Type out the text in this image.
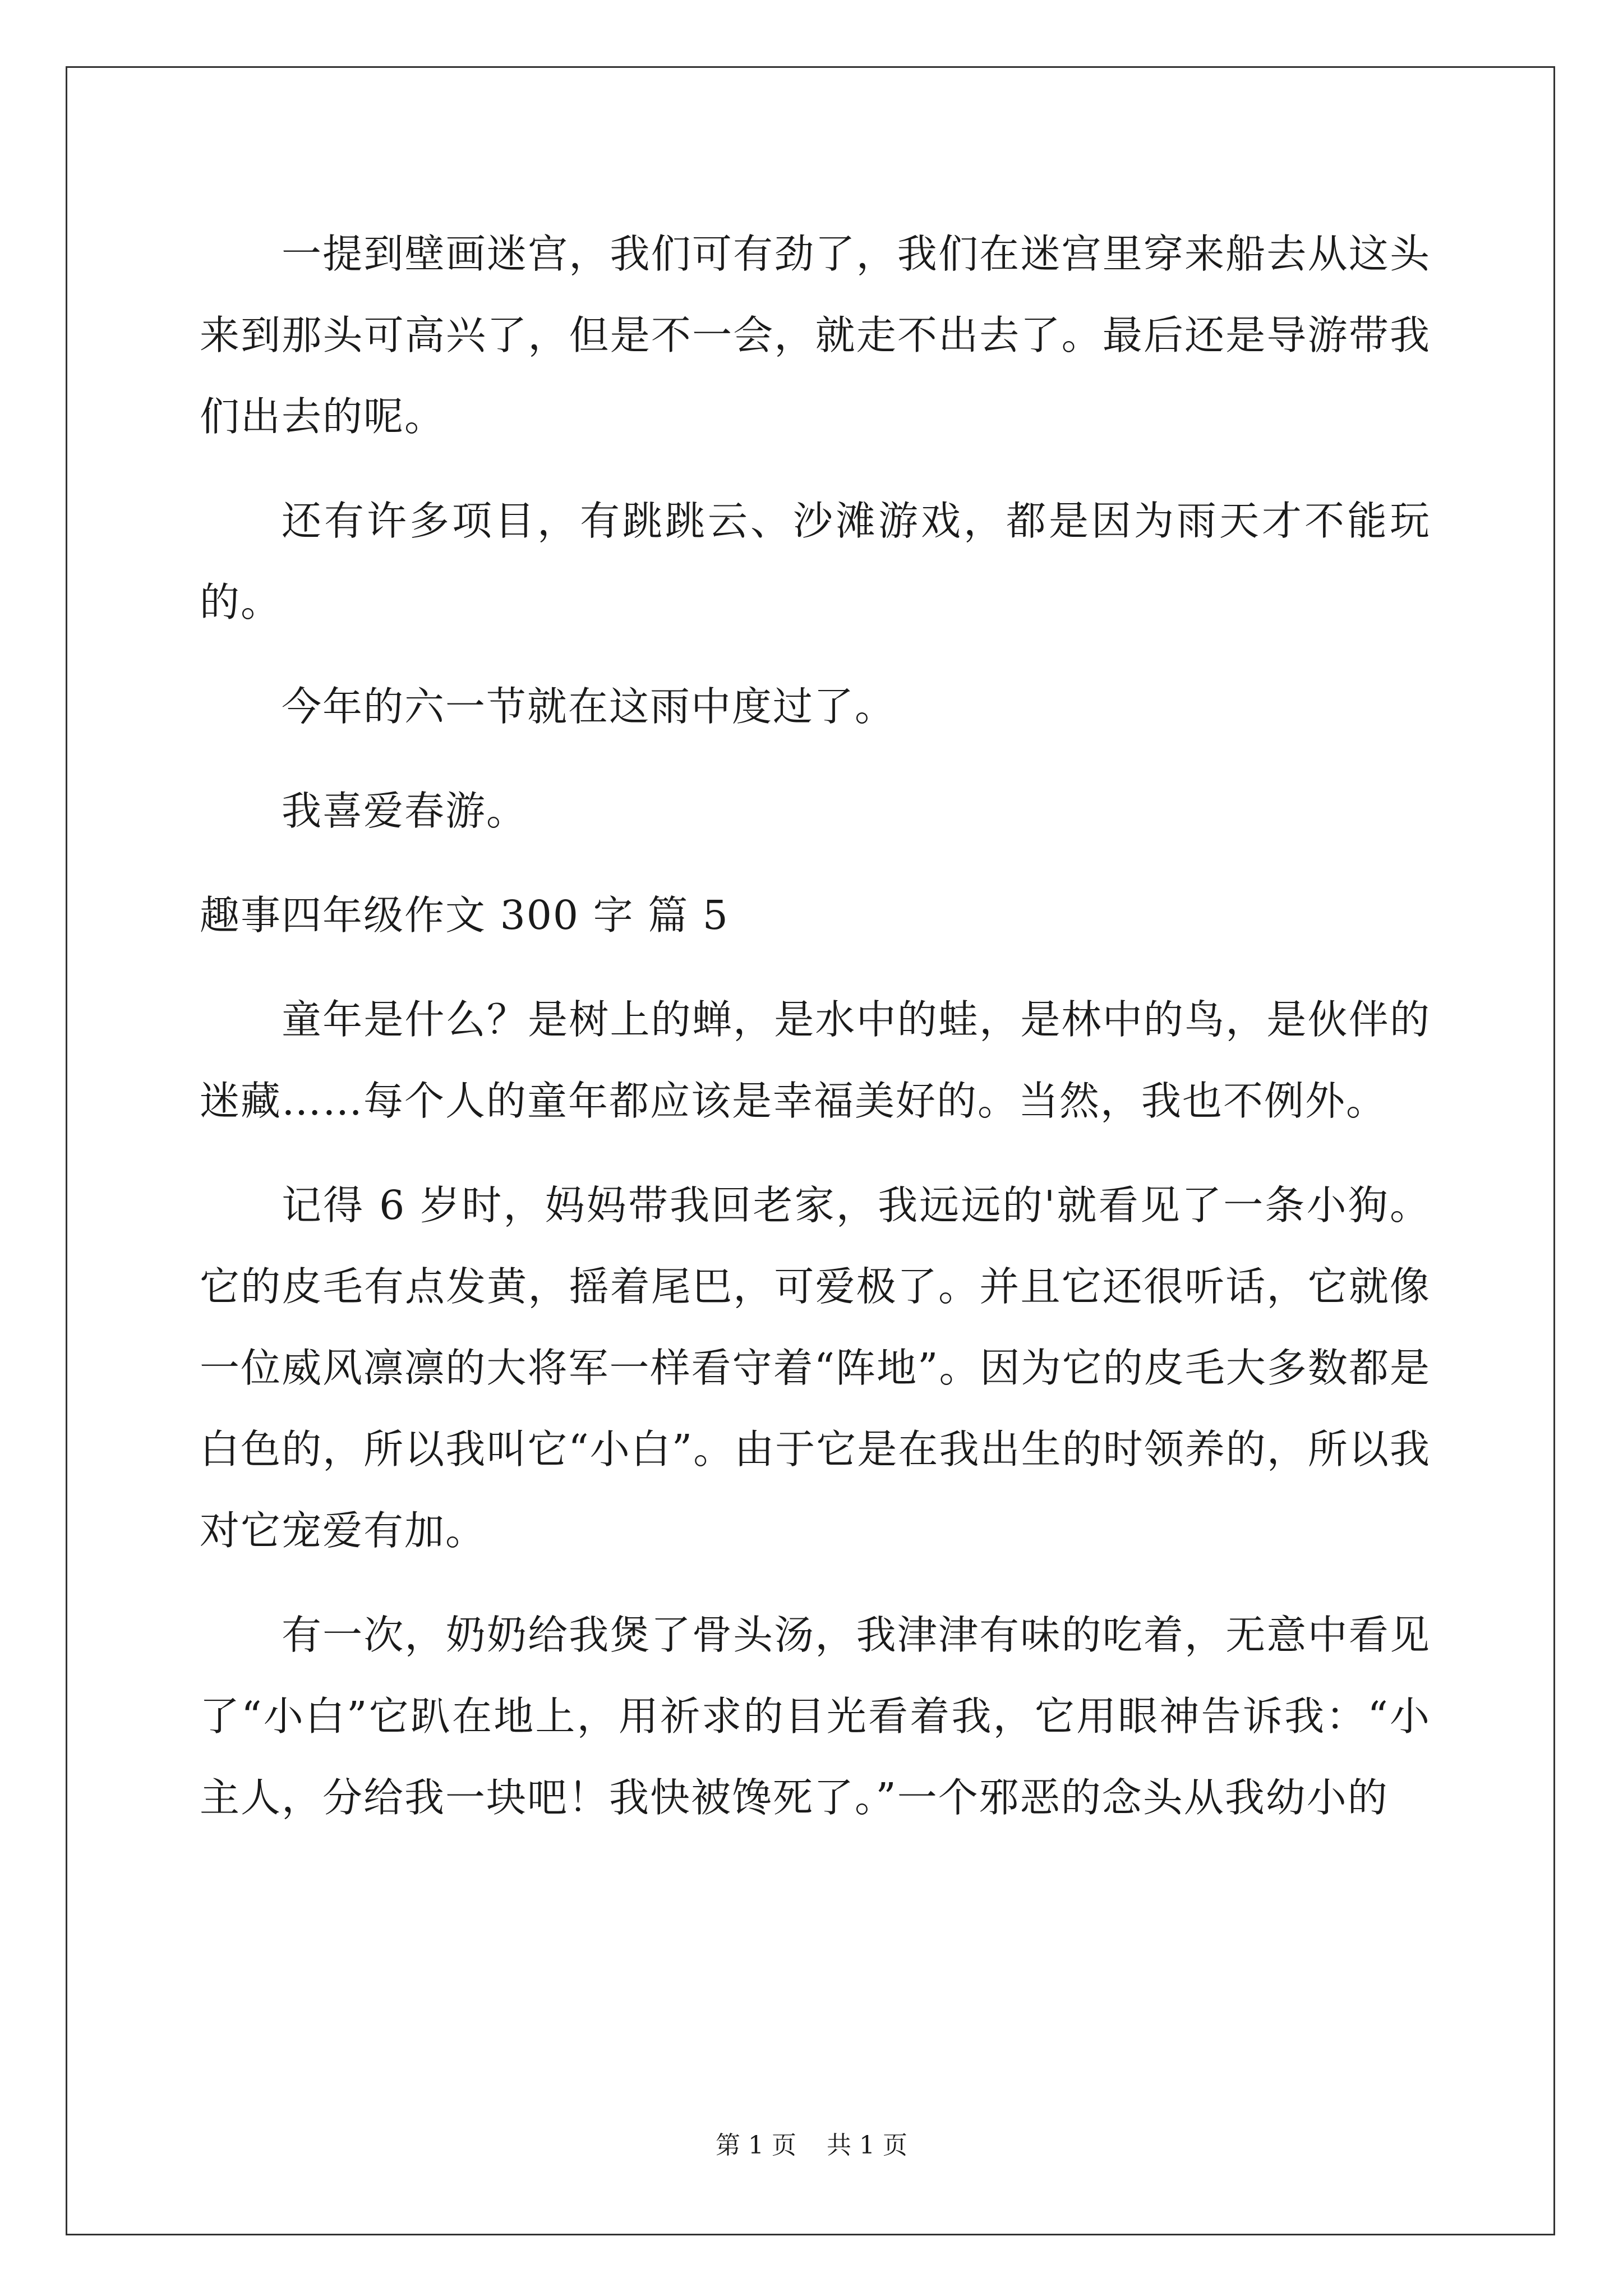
一提到壁画迷宫，我们可有劲了，我们在迷宫里穿来船去从这头来到那头可高兴了，但是不一会，就走不出去了。最后还是导游带我们出去的呢。

还有许多项目，有跳跳云、沙滩游戏，都是因为雨天才不能玩的。

今年的六一节就在这雨中度过了。

我喜爱春游。

趣事四年级作文 300 字 篇 5

童年是什么？是树上的蝉，是水中的蛙，是林中的鸟，是伙伴的迷藏……每个人的童年都应该是幸福美好的。当然，我也不例外。

记得 6 岁时，妈妈带我回老家，我远远的'就看见了一条小狗。它的皮毛有点发黄，摇着尾巴，可爱极了。并且它还很听话，它就像一位威风凛凛的大将军一样看守着“阵地”。因为它的皮毛大多数都是白色的，所以我叫它“小白”。由于它是在我出生的时领养的，所以我对它宠爱有加。

有一次，奶奶给我煲了骨头汤，我津津有味的吃着，无意中看见了“小白”它趴在地上，用祈求的目光看着我，它用眼神告诉我：“小主人，分给我一块吧！我快被馋死了。”一个邪恶的念头从我幼小的

第 1 页 共 1 页
